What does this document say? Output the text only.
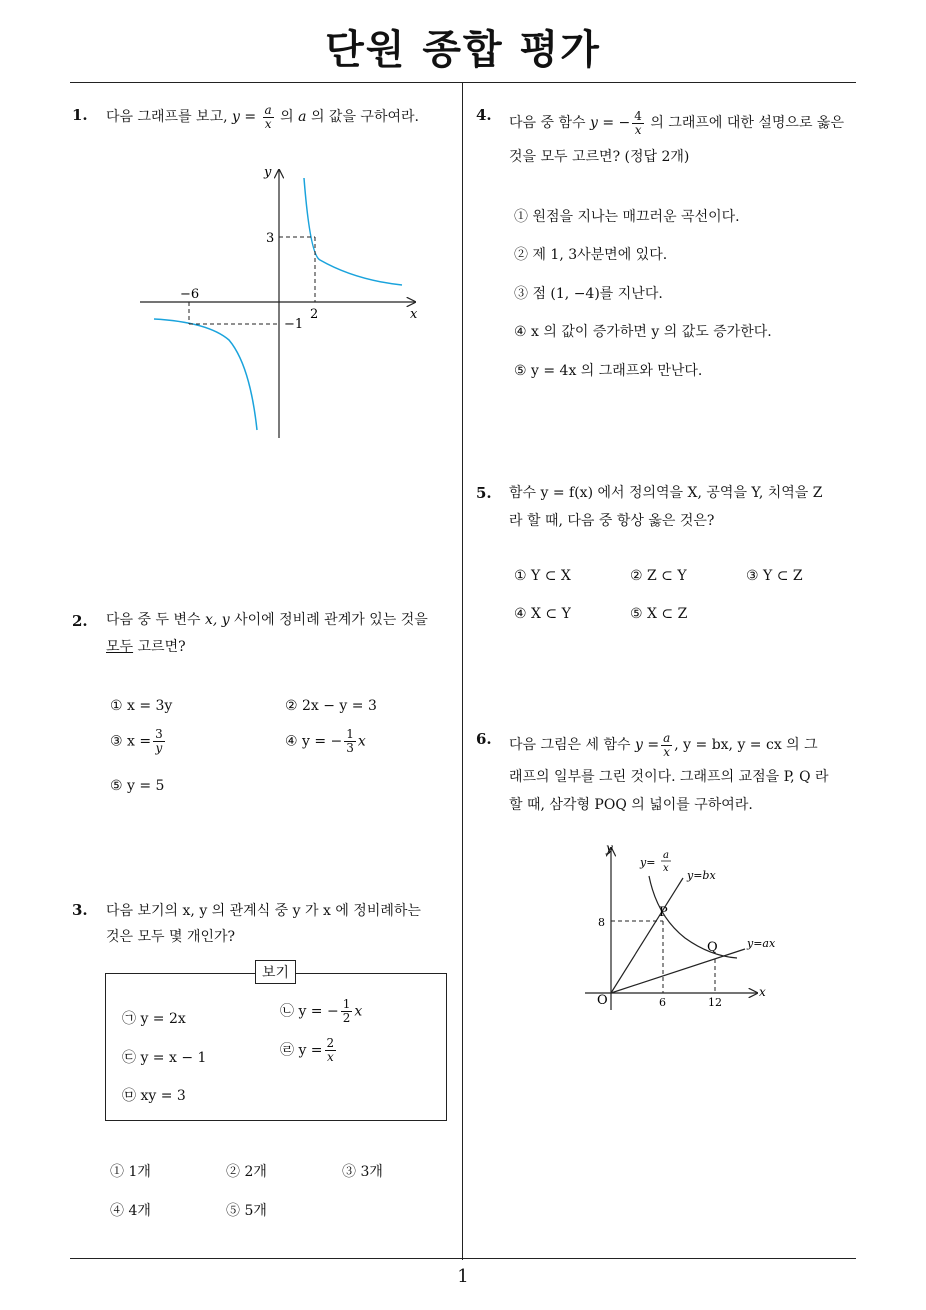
단원 종합 평가
1. 다음 그래프를 보고, $y = \frac{a}{x}$ 의 a 의 값을 구하여라.
x
y
3
−6
2
−1
2. 다음 중 두 변수 x, y 사이에 정비례 관계가 있는 것을
모두 고르면?
① x = 3y	② 2x − y = 3
③ $x = \frac{3}{y}$	④ y = − $\frac{1}{3}$ x
⑤ y = 5
3. 다음 보기의 x, y 의 관계식 중 y 가 x 에 정비례하는
것은 모두 몇 개인가?
보기
㉠ y = 2x	㉡ y = − $\frac{1}{2}$ x
㉢ y = x − 1	㉣ $y = \frac{2}{x}$
㉤ xy = 3
① 1개	② 2개	③ 3개
④ 4개	⑤ 5개
4. 다음 중 함수 y = − $\frac{4}{x}$ 의 그래프에 대한 설명으로 옳은
것을 모두 고르면? (정답 2개)
① 원점을 지나는 매끄러운 곡선이다.
② 제 1, 3사분면에 있다.
③ 점 (1, −4)를 지난다.
④ x 의 값이 증가하면 y 의 값도 증가한다.
⑤ y = 4x 의 그래프와 만난다.
5. 함수 y = f(x) 에서 정의역을 X, 공역을 Y, 치역을 Z
라 할 때, 다음 중 항상 옳은 것은?
① Y ⊂ X	② Z ⊂ Y	③ Y ⊂ Z
④ X ⊂ Y	⑤ X ⊂ Z
6. 다음 그림은 세 함수 $y = \frac{a}{x}$ , y = bx, y = cx 의 그
래프의 일부를 그린 것이다. 그래프의 교점을 P, Q 라
할 때, 삼각형 POQ 의 넓이를 구하여라.
x
y
O
P
Q
8
6	12
y=
a
x
y=bx
y=ax
1
